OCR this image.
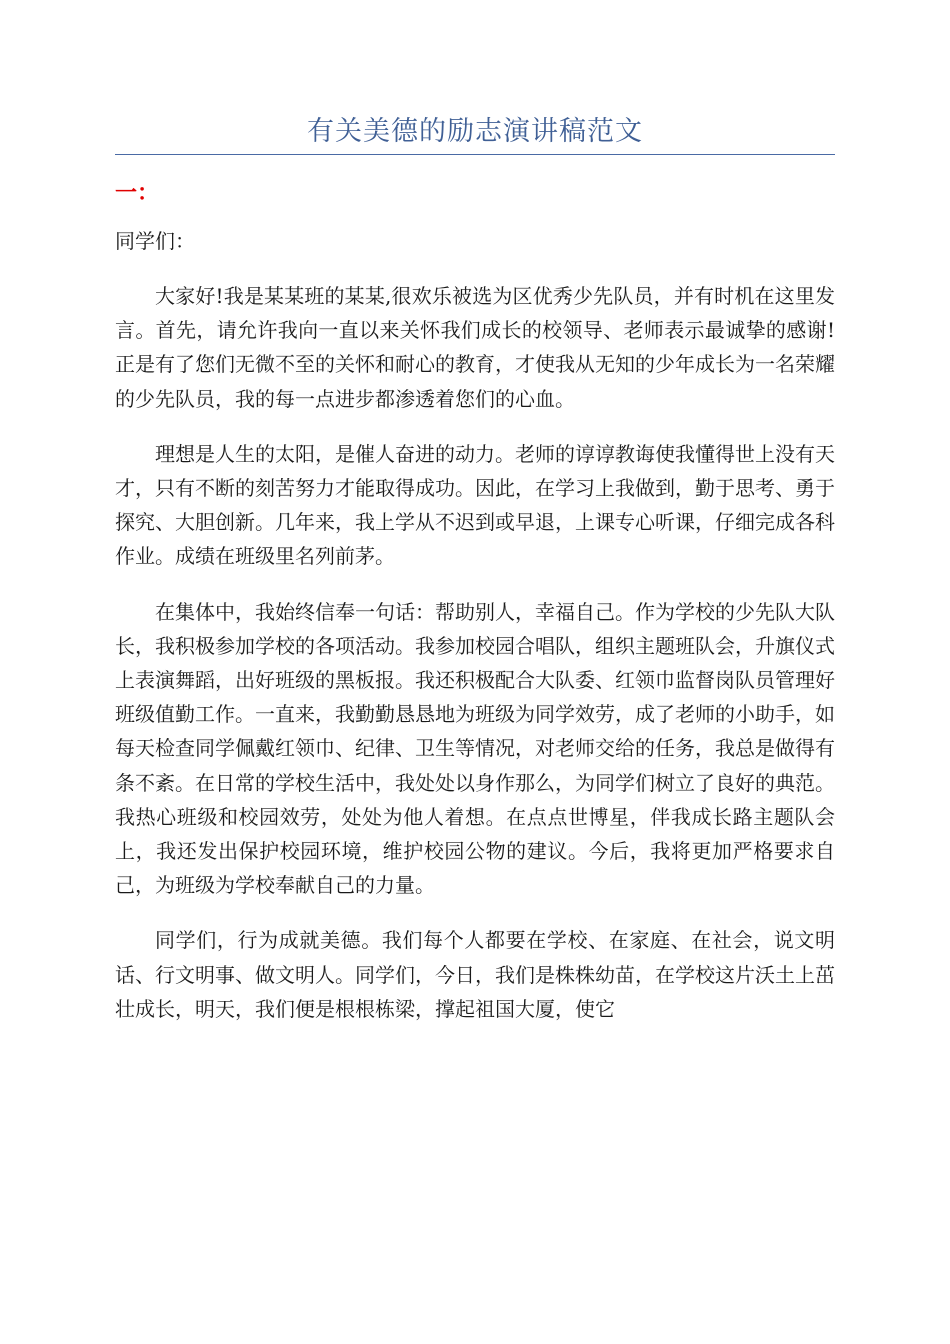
有关美德的励志演讲稿范文
一：
同学们：

大家好!我是某某班的某某,很欢乐被选为区优秀少先队员，并有时机在这里发言。首先，请允许我向一直以来关怀我们成长的校领导、老师表示最诚挚的感谢!正是有了您们无微不至的关怀和耐心的教育，才使我从无知的少年成长为一名荣耀的少先队员，我的每一点进步都渗透着您们的心血。

理想是人生的太阳，是催人奋进的动力。老师的谆谆教诲使我懂得世上没有天才，只有不断的刻苦努力才能取得成功。因此，在学习上我做到，勤于思考、勇于探究、大胆创新。几年来，我上学从不迟到或早退，上课专心听课，仔细完成各科作业。成绩在班级里名列前茅。

在集体中，我始终信奉一句话：帮助别人，幸福自己。作为学校的少先队大队长，我积极参加学校的各项活动。我参加校园合唱队，组织主题班队会，升旗仪式上表演舞蹈，出好班级的黑板报。我还积极配合大队委、红领巾监督岗队员管理好班级值勤工作。一直来，我勤勤恳恳地为班级为同学效劳，成了老师的小助手，如每天检查同学佩戴红领巾、纪律、卫生等情况，对老师交给的任务，我总是做得有条不紊。在日常的学校生活中，我处处以身作那么，为同学们树立了良好的典范。我热心班级和校园效劳，处处为他人着想。在点点世博星，伴我成长路主题队会上，我还发出保护校园环境，维护校园公物的建议。今后，我将更加严格要求自己，为班级为学校奉献自己的力量。

同学们，行为成就美德。我们每个人都要在学校、在家庭、在社会，说文明话、行文明事、做文明人。同学们，今日，我们是株株幼苗，在学校这片沃土上茁壮成长，明天，我们便是根根栋梁，撑起祖国大厦，使它
